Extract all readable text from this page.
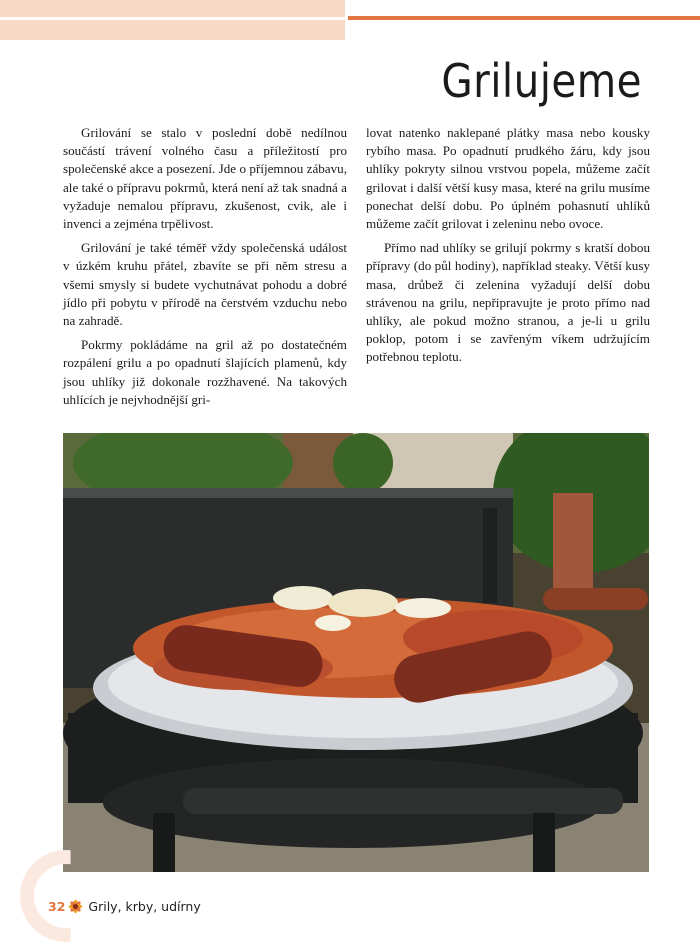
Grilujeme

Grilování se stalo v poslední době nedílnou součástí trávení volného času a příležitostí pro společenské akce a posezení. Jde o příjemnou zábavu, ale také o přípravu pokrmů, která není až tak snadná a vyžaduje nemalou přípravu, zkušenost, cvik, ale i invenci a zejména trpělivost.

Grilování je také téměř vždy společenská událost v úzkém kruhu přátel, zbavíte se při něm stresu a všemi smysly si budete vychutnávat pohodu a dobré jídlo při pobytu v přírodě na čerstvém vzduchu nebo na zahradě.

Pokrmy pokládáme na gril až po dostatečném rozpálení grilu a po opadnutí šlajících plamenů, kdy jsou uhlíky již dokonale rozžhavené. Na takových uhlících je nejvhodnější gri-

lovat natenko naklepané plátky masa nebo kousky rybího masa. Po opadnutí prudkého žáru, kdy jsou uhlíky pokryty silnou vrstvou popela, můžeme začít grilovat i další větší kusy masa, které na grilu musíme ponechat delší dobu. Po úplném pohasnutí uhlíků můžeme začít grilovat i zeleninu nebo ovoce.

Přímo nad uhlíky se grilují pokrmy s kratší dobou přípravy (do půl hodiny), například steaky. Větší kusy masa, drůbež či zelenina vyžadují delší dobu strávenou na grilu, nepřipravujte je proto přímo nad uhlíky, ale pokud možno stranou, a je-li u grilu poklop, potom i se zavřeným víkem udržujícím potřebnou teplotu.

32 Grily, krby, udírny
